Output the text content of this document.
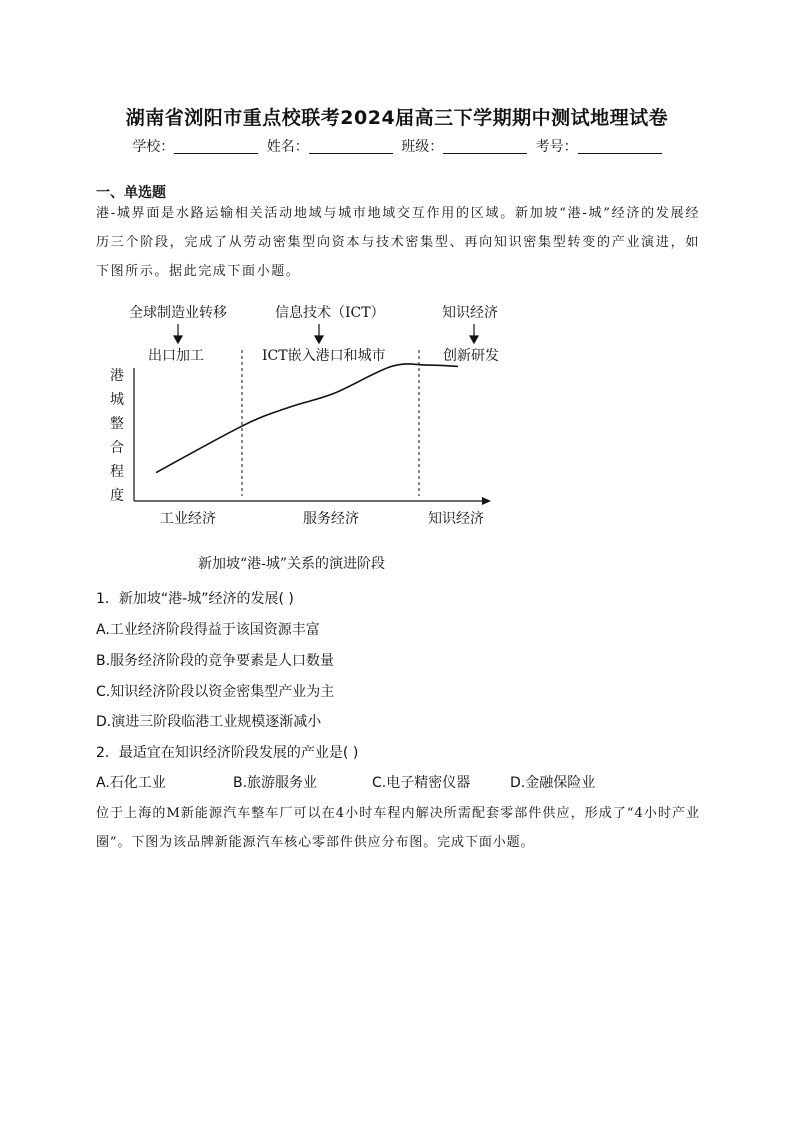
湖南省浏阳市重点校联考2024届高三下学期期中测试地理试卷
学校：	姓名：	班级：	考号：
一、单选题
港-城界面是水路运输相关活动地域与城市地域交互作用的区域。新加坡“港-城”经济的发展经历三个阶段，完成了从劳动密集型向资本与技术密集型、再向知识密集型转变的产业演进，如下图所示。据此完成下面小题。
全球制造业转移	信息技术（ICT）	知识经济
出口加工	ICT嵌入港口和城市	创新研发
港
城
整
合
程
度
工业经济	服务经济	知识经济
新加坡“港-城”关系的演进阶段
1．新加坡“港-城”经济的发展( )
A.工业经济阶段得益于该国资源丰富
B.服务经济阶段的竞争要素是人口数量
C.知识经济阶段以资金密集型产业为主
D.演进三阶段临港工业规模逐渐减小
2．最适宜在知识经济阶段发展的产业是( )
A.石化工业	B.旅游服务业	C.电子精密仪器	D.金融保险业
位于上海的M新能源汽车整车厂可以在4小时车程内解决所需配套零部件供应，形成了“4小时产业圈”。下图为该品牌新能源汽车核心零部件供应分布图。完成下面小题。
